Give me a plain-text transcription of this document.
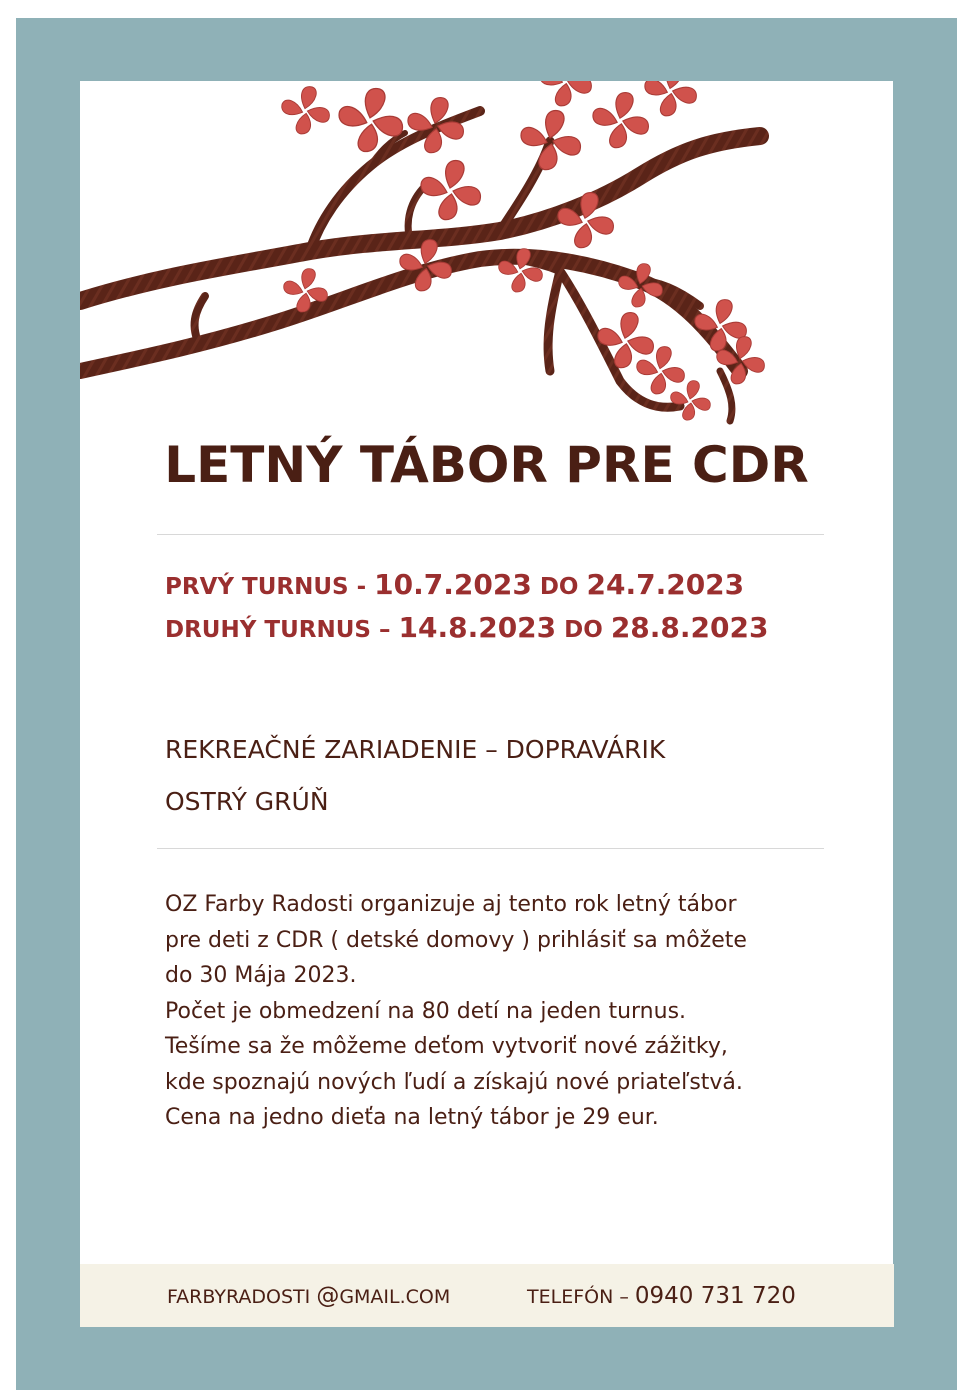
LETNÝ TÁBOR PRE CDR
PRVÝ TURNUS - 10.7.2023 DO 24.7.2023
DRUHÝ TURNUS – 14.8.2023 DO 28.8.2023
REKREAČNÉ ZARIADENIE – DOPRAVÁRIK
OSTRÝ GRÚŇ
OZ Farby Radosti organizuje aj tento rok letný tábor
pre deti z CDR ( detské domovy ) prihlásiť sa môžete
do 30 Mája 2023.
Počet je obmedzení na 80 detí na jeden turnus.
Tešíme sa že môžeme deťom vytvoriť nové zážitky,
kde spoznajú nových ľudí a získajú nové priateľstvá.
Cena na jedno dieťa na letný tábor je 29 eur.
FARBYRADOSTI @GMAIL.COM	TELEFÓN – 0940 731 720
